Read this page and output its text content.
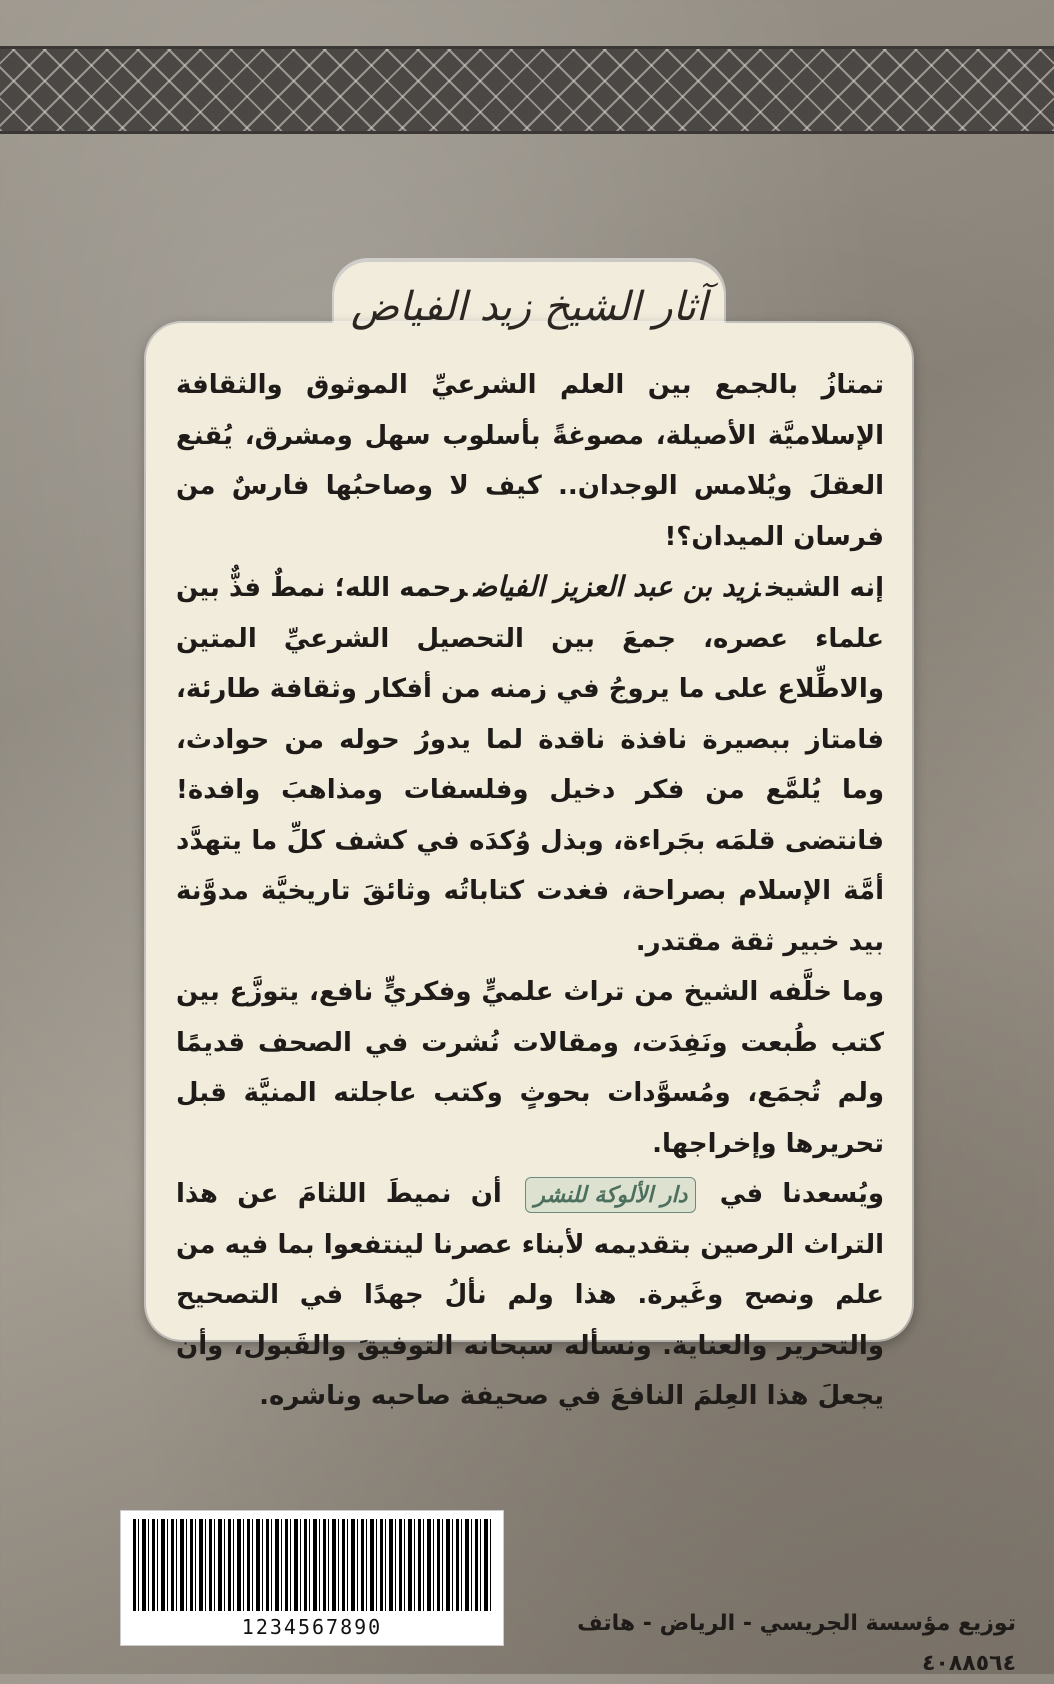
آثار الشيخ زيد الفياض

تمتازُ بالجمع بين العلم الشرعيِّ الموثوق والثقافة الإسلاميَّة الأصيلة، مصوغةً بأسلوب سهل ومشرق، يُقنع العقلَ ويُلامس الوجدان.. كيف لا وصاحبُها فارسٌ من فرسان الميدان؟!

إنه الشيخزيد بن عبد العزيز الفياضرحمه الله؛ نمطٌ فذٌّ بين علماء عصره، جمعَ بين التحصيل الشرعيِّ المتين والاطِّلاع على ما يروجُ في زمنه من أفكار وثقافة طارئة، فامتاز ببصيرة نافذة ناقدة لما يدورُ حوله من حوادث، وما يُلمَّع من فكر دخيل وفلسفات ومذاهبَ وافدة! فانتضى قلمَه بجَراءة، وبذل وُكدَه في كشف كلِّ ما يتهدَّد أمَّة الإسلام بصراحة، فغدت كتاباتُه وثائقَ تاريخيَّة مدوَّنة بيد خبير ثقة مقتدر.

وما خلَّفه الشيخ من تراث علميٍّ وفكريٍّ نافع، يتوزَّع بين كتب طُبعت ونَفِدَت، ومقالات نُشرت في الصحف قديمًا ولم تُجمَع، ومُسوَّدات بحوثٍ وكتب عاجلته المنيَّة قبل تحريرها وإخراجها.

ويُسعدنا في دار الألوكة للنشر أن نميطَ اللثامَ عن هذا التراث الرصين بتقديمه لأبناء عصرنا لينتفعوا بما فيه من علم ونصح وغَيرة. هذا ولم نألُ جهدًا في التصحيح والتحرير والعناية. ونسأله سبحانه التوفيقَ والقَبول، وأن يجعلَ هذا العِلمَ النافعَ في صحيفة صاحبه وناشره.

1234567890	توزيع مؤسسة الجريسي - الرياض - هاتف ٤٠٨٨٥٦٤
